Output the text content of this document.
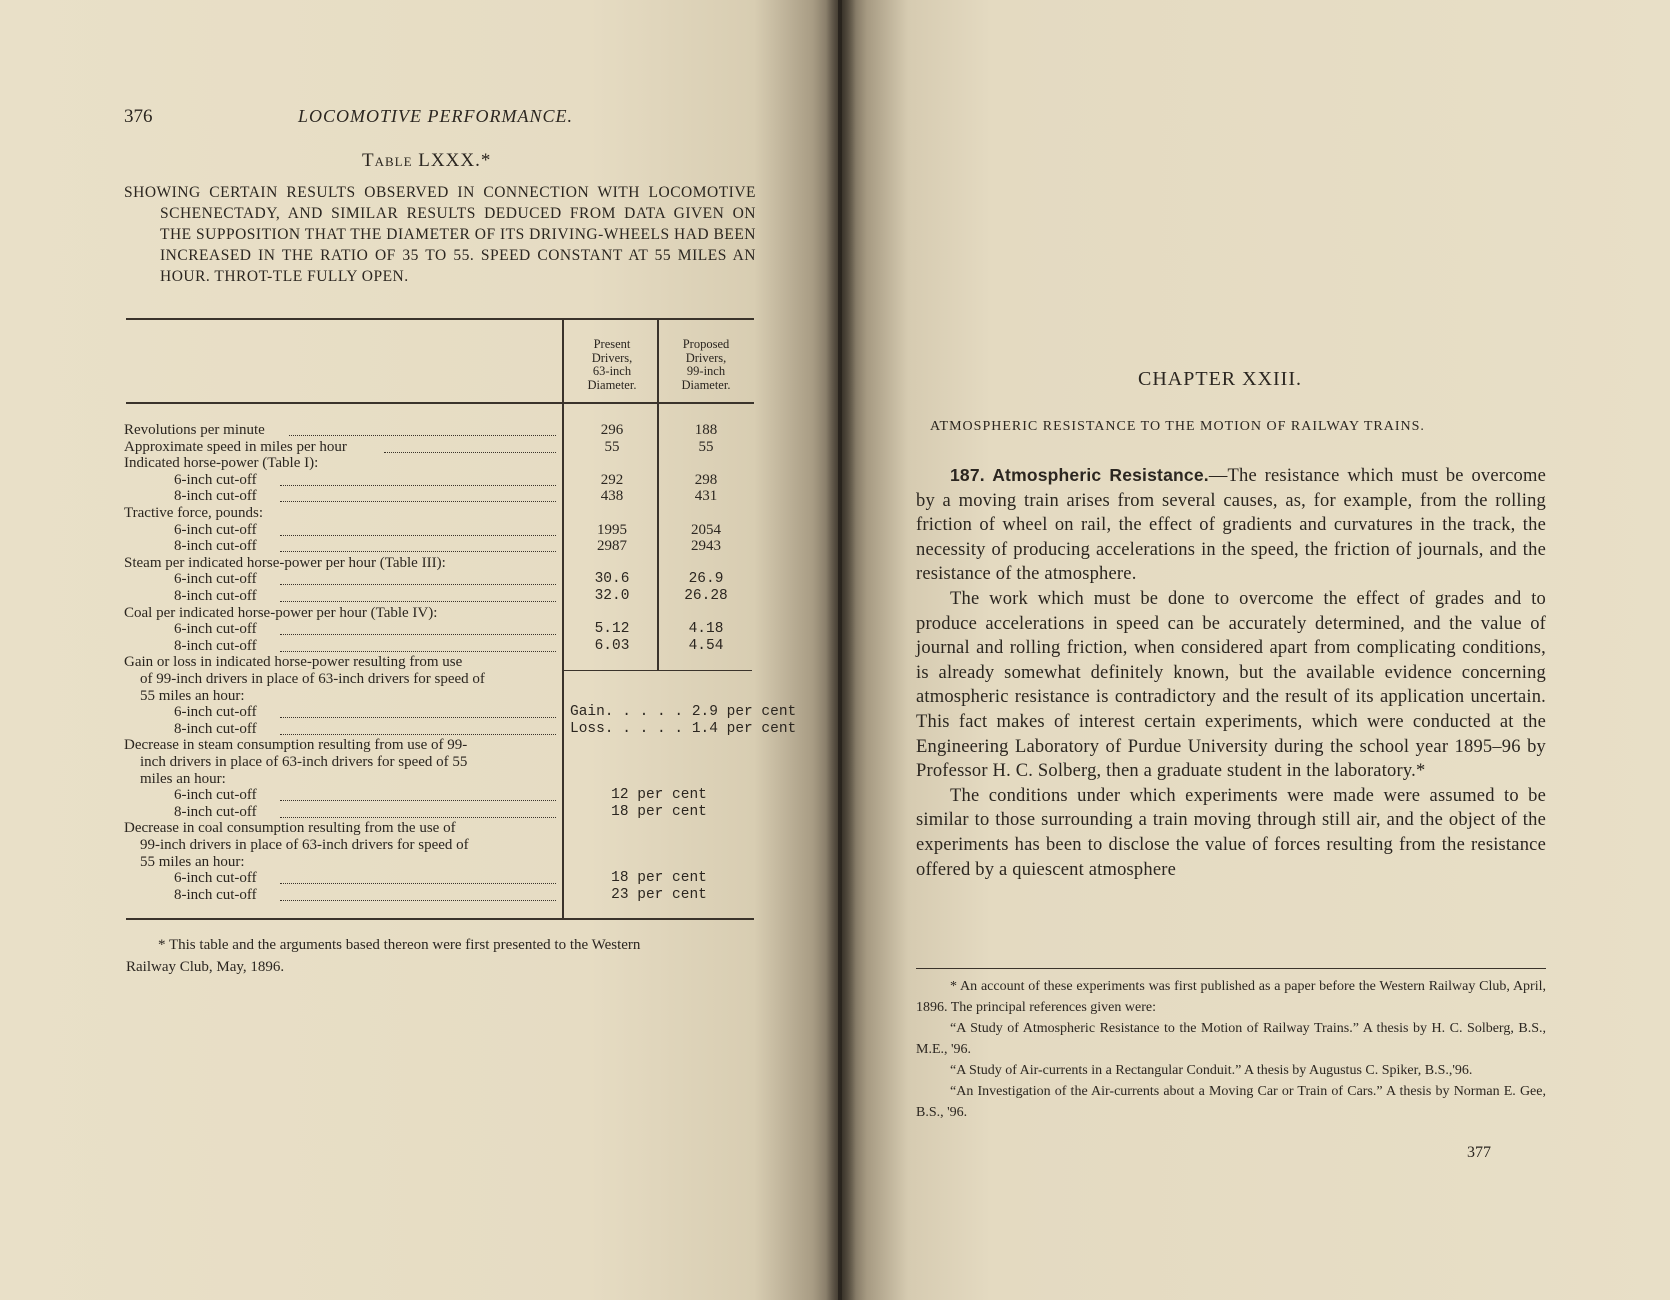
376	LOCOMOTIVE PERFORMANCE.
Table LXXX.*

SHOWING CERTAIN RESULTS OBSERVED IN CONNECTION WITH LOCOMOTIVE SCHENECTADY, AND SIMILAR RESULTS DEDUCED FROM DATA GIVEN ON THE SUPPOSITION THAT THE DIAMETER OF ITS DRIVING-WHEELS HAD BEEN INCREASED IN THE RATIO OF 35 TO 55. SPEED CONSTANT AT 55 MILES AN HOUR. THROT-TLE FULLY OPEN.

Present
Drivers,
63-inch
Diameter.
Proposed
Drivers,
99-inch
Diameter.
Revolutions per minute	296	188
Approximate speed in miles per hour	55	55
Indicated horse-power (Table I):
6-inch cut-off	292	298
8-inch cut-off	438	431
Tractive force, pounds:
6-inch cut-off	1995	2054
8-inch cut-off	2987	2943
Steam per indicated horse-power per hour (Table III):
6-inch cut-off	30.6	26.9
8-inch cut-off	32.0	26.28
Coal per indicated horse-power per hour (Table IV):
6-inch cut-off	5.12	4.18
8-inch cut-off	6.03	4.54
Gain or loss in indicated horse-power resulting from use
of 99-inch drivers in place of 63-inch drivers for speed of
55 miles an hour:
6-inch cut-off	Gain. . . . . 2.9 per cent
8-inch cut-off	Loss. . . . . 1.4 per cent
Decrease in steam consumption resulting from use of 99-
inch drivers in place of 63-inch drivers for speed of 55
miles an hour:
6-inch cut-off	12 per cent
8-inch cut-off	18 per cent
Decrease in coal consumption resulting from the use of
99-inch drivers in place of 63-inch drivers for speed of
55 miles an hour:
6-inch cut-off	18 per cent
8-inch cut-off	23 per cent
* This table and the arguments based thereon were first presented to the Western
Railway Club, May, 1896.
CHAPTER XXIII.
ATMOSPHERIC RESISTANCE TO THE MOTION OF RAILWAY TRAINS.

187. Atmospheric Resistance.—The resistance which must be overcome by a moving train arises from several causes, as, for example, from the rolling friction of wheel on rail, the effect of gradients and curvatures in the track, the necessity of producing accelerations in the speed, the friction of journals, and the resistance of the atmosphere.

The work which must be done to overcome the effect of grades and to produce accelerations in speed can be accurately determined, and the value of journal and rolling friction, when considered apart from complicating conditions, is already somewhat definitely known, but the available evidence concerning atmospheric resistance is contradictory and the result of its application uncertain. This fact makes of interest certain experiments, which were conducted at the Engineering Laboratory of Purdue University during the school year 1895–96 by Professor H. C. Solberg, then a graduate student in the laboratory.*

The conditions under which experiments were made were assumed to be similar to those surrounding a train moving through still air, and the object of the experiments has been to disclose the value of forces resulting from the resistance offered by a quiescent atmosphere

* An account of these experiments was first published as a paper before the Western Railway Club, April, 1896. The principal references given were:

“A Study of Atmospheric Resistance to the Motion of Railway Trains.” A thesis by H. C. Solberg, B.S., M.E., '96.

“A Study of Air-currents in a Rectangular Conduit.” A thesis by Augustus C. Spiker, B.S.,'96.

“An Investigation of the Air-currents about a Moving Car or Train of Cars.” A thesis by Norman E. Gee, B.S., '96.

377
